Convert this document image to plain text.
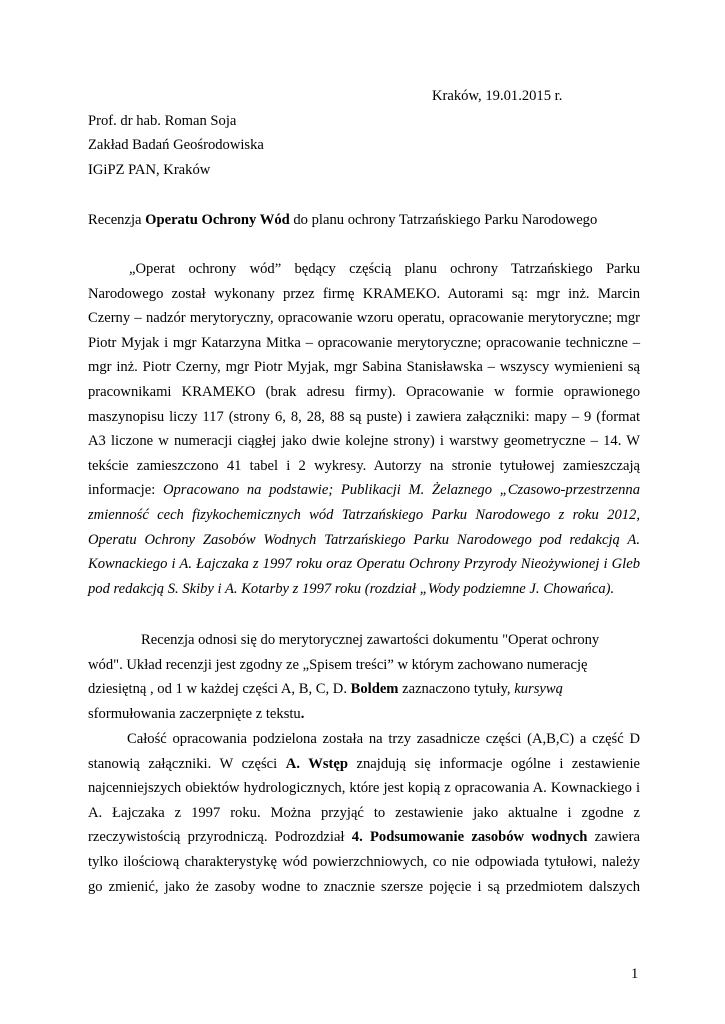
Kraków, 19.01.2015 r.
Prof. dr hab. Roman Soja
Zakład Badań Geośrodowiska
IGiPZ PAN, Kraków
Recenzja Operatu Ochrony Wód do planu ochrony Tatrzańskiego Parku Narodowego
„Operat ochrony wód” będący częścią planu ochrony Tatrzańskiego Parku
Narodowego został wykonany przez firmę KRAMEKO. Autorami są: mgr inż. Marcin
Czerny – nadzór merytoryczny, opracowanie wzoru operatu, opracowanie merytoryczne; mgr
Piotr Myjak i mgr Katarzyna Mitka – opracowanie merytoryczne; opracowanie techniczne –
mgr inż. Piotr Czerny, mgr Piotr Myjak, mgr Sabina Stanisławska – wszyscy wymienieni są
pracownikami KRAMEKO (brak adresu firmy). Opracowanie w formie oprawionego
maszynopisu liczy 117 (strony 6, 8, 28, 88 są puste) i zawiera załączniki: mapy – 9 (format
A3 liczone w numeracji ciągłej jako dwie kolejne strony) i warstwy geometryczne – 14. W
tekście zamieszczono 41 tabel i 2 wykresy. Autorzy na stronie tytułowej zamieszczają
informacje: Opracowano na podstawie; Publikacji M. Żelaznego „Czasowo-przestrzenna
zmienność cech fizykochemicznych wód Tatrzańskiego Parku Narodowego z roku 2012,
Operatu Ochrony Zasobów Wodnych Tatrzańskiego Parku Narodowego pod redakcją A.
Kownackiego i A. Łajczaka z 1997 roku oraz Operatu Ochrony Przyrody Nieożywionej i Gleb
pod redakcją S. Skiby i A. Kotarby z 1997 roku (rozdział „Wody podziemne J. Chowańca).
Recenzja odnosi się do merytorycznej zawartości dokumentu "Operat ochrony
wód". Układ recenzji jest zgodny ze „Spisem treści” w którym zachowano numerację
dziesiętną , od 1 w każdej części A, B, C, D. Boldem zaznaczono tytuły, kursywą
sformułowania zaczerpnięte z tekstu.
Całość opracowania podzielona została na trzy zasadnicze części (A,B,C) a część D
stanowią załączniki. W części A. Wstęp znajdują się informacje ogólne i zestawienie
najcenniejszych obiektów hydrologicznych, które jest kopią z opracowania A. Kownackiego i
A. Łajczaka z 1997 roku. Można przyjąć to zestawienie jako aktualne i zgodne z
rzeczywistością przyrodniczą. Podrozdział 4. Podsumowanie zasobów wodnych zawiera
tylko ilościową charakterystykę wód powierzchniowych, co nie odpowiada tytułowi, należy
go zmienić, jako że zasoby wodne to znacznie szersze pojęcie i są przedmiotem dalszych
1
